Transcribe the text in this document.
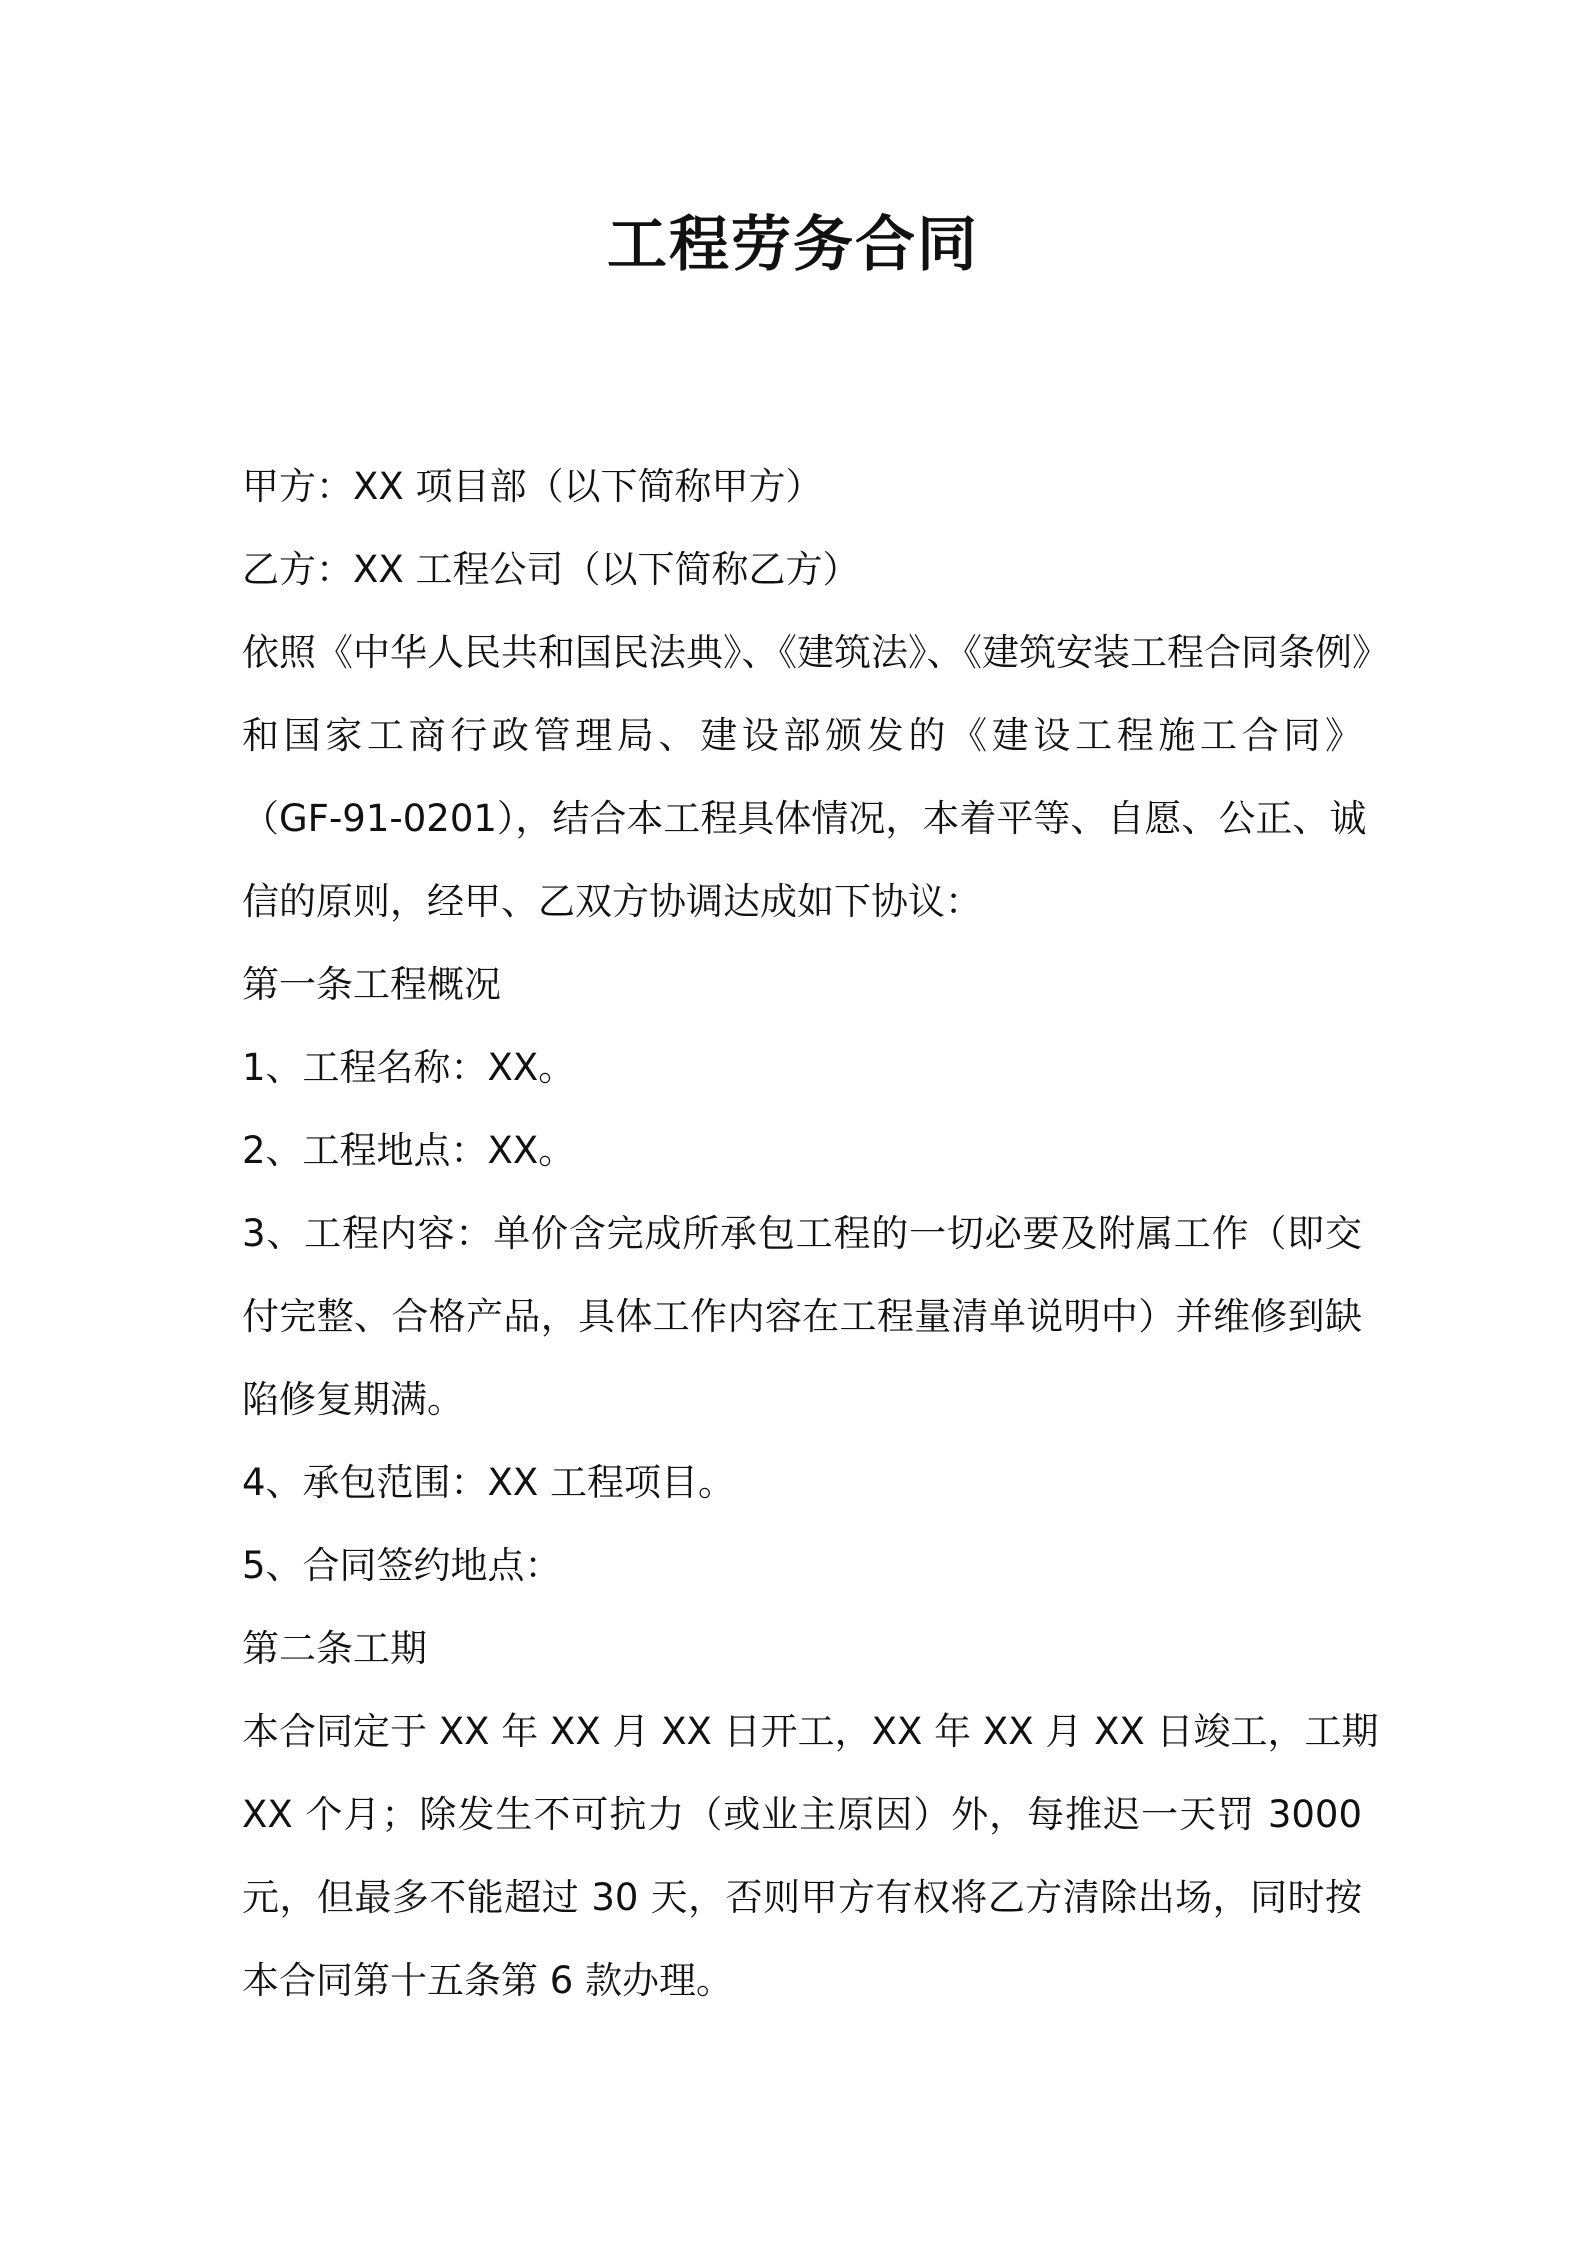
工程劳务合同

甲方：XX 项目部（以下简称甲方）

乙方：XX 工程公司（以下简称乙方）

依照《中华人民共和国民法典》、《建筑法》、《建筑安装工程合同条例》

和国家工商行政管理局、建设部颁发的《建设工程施工合同》

（GF-91-0201），结合本工程具体情况，本着平等、自愿、公正、诚

信的原则，经甲、乙双方协调达成如下协议：

第一条工程概况

1、工程名称：XX。

2、工程地点：XX。

3、工程内容：单价含完成所承包工程的一切必要及附属工作（即交

付完整、合格产品，具体工作内容在工程量清单说明中）并维修到缺

陷修复期满。

4、承包范围：XX 工程项目。

5、合同签约地点：

第二条工期

本合同定于 XX 年 XX 月 XX 日开工，XX 年 XX 月 XX 日竣工，工期

XX 个月；除发生不可抗力（或业主原因）外，每推迟一天罚 3000

元，但最多不能超过 30 天，否则甲方有权将乙方清除出场，同时按

本合同第十五条第 6 款办理。
